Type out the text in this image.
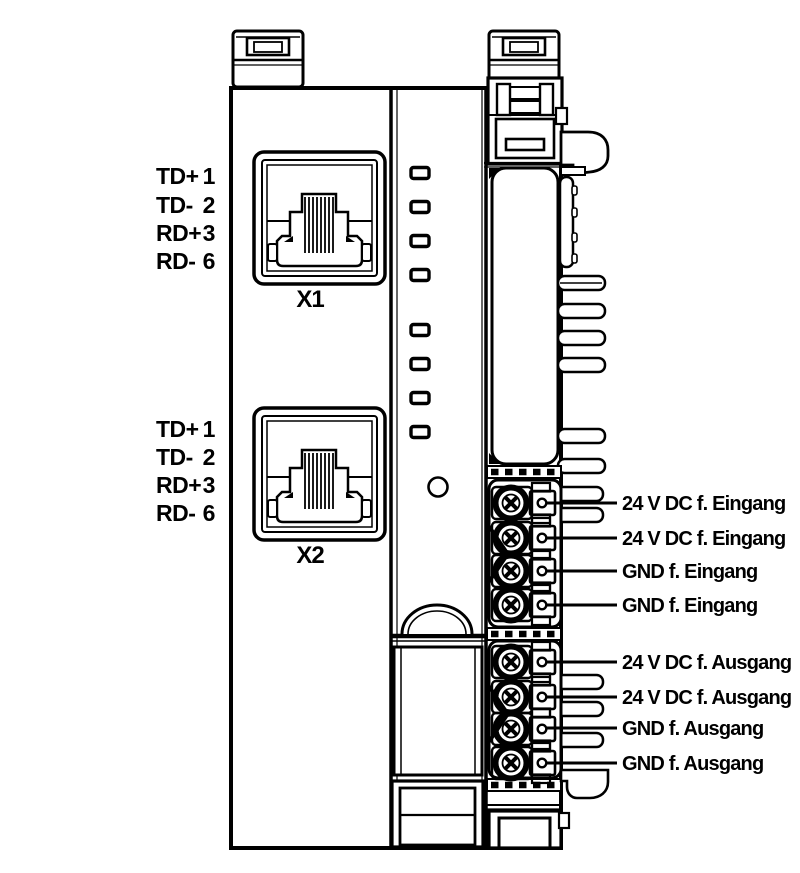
X1
X2
TD+ 1
TD- 2
RD+ 3
RD- 6
TD+ 1
TD- 2
RD+ 3
RD- 6	24 V DC f. Eingang
24 V DC f. Eingang
GND f. Eingang
GND f. Eingang
24 V DC f. Ausgang
24 V DC f. Ausgang
GND f. Ausgang
GND f. Ausgang
